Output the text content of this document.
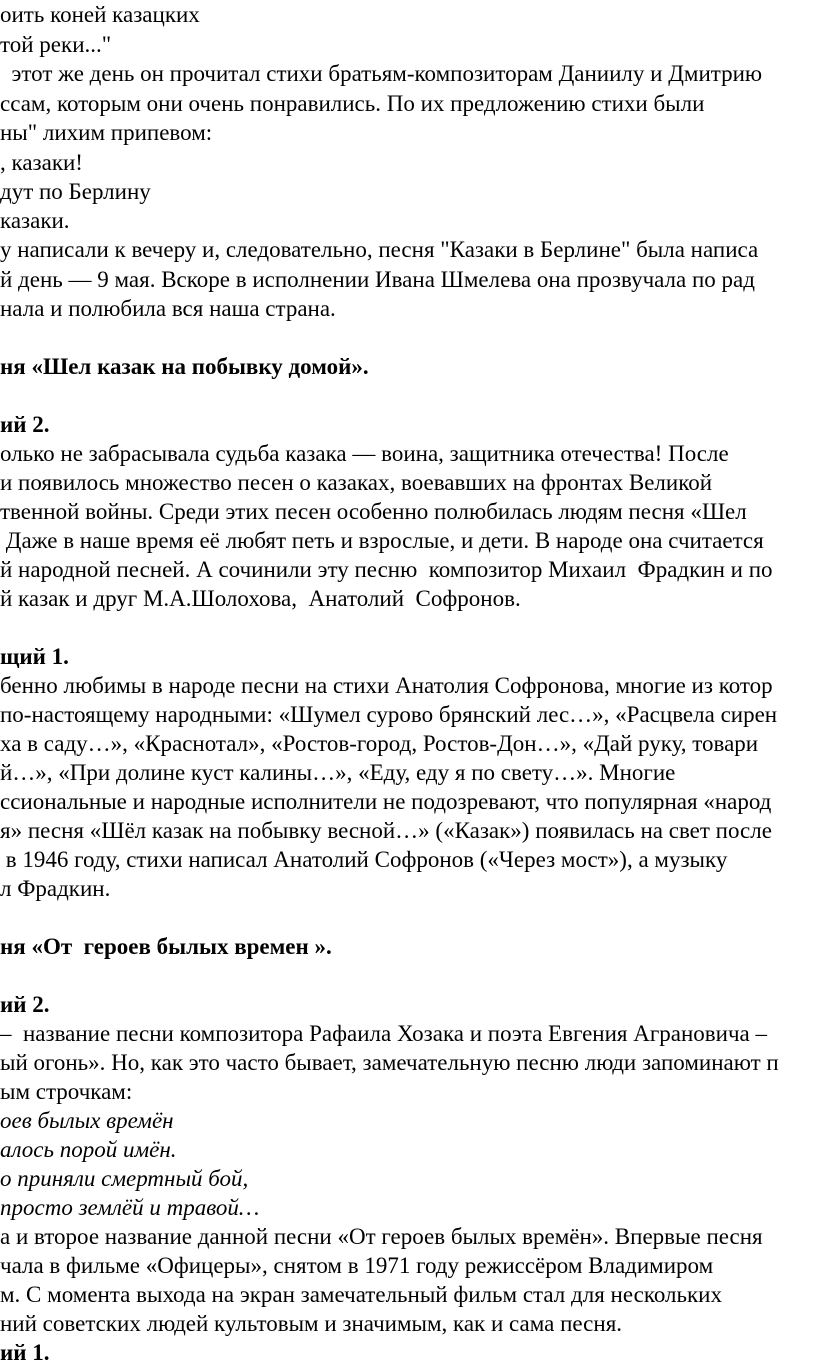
оить коней казацких
той реки..."
этот же день он прочитал стихи братьям-композиторам Даниилу и Дмитрию
ссам, которым они очень понравились. По их предложению стихи были
ны" лихим припевом:
, казаки!
дут по Берлину
казаки.
у написали к вечеру и, следовательно, песня "Казаки в Берлине" была написа
й день — 9 мая. Вскоре в исполнении Ивана Шмелева она прозвучала по рад
нала и полюбила вся наша страна.
ня «Шел казак на побывку домой».
ий 2.
олько не забрасывала судьба казака — воина, защитника отечества! После
и появилось множество песен о казаках, воевавших на фронтах Великой
твенной войны. Среди этих песен особенно полюбилась людям песня «Шел
Даже в наше время её любят петь и взрослые, и дети. В народе она считается
й народной песней. А сочинили эту песню  композитор Михаил  Фрадкин и по
й казак и друг М.А.Шолохова,  Анатолий  Софронов.
щий 1.
бенно любимы в народе песни на стихи Анатолия Софронова, многие из котор
по-настоящему народными: «Шумел сурово брянский лес…», «Расцвела сирен
ха в саду…», «Краснотал», «Ростов-город, Ростов-Дон…», «Дай руку, товари
й…», «При долине куст калины…», «Еду, еду я по свету…». Многие
ссиональные и народные исполнители не подозревают, что популярная «народ
я» песня «Шёл казак на побывку весной…» («Казак») появилась на свет после
в 1946 году, стихи написал Анатолий Софронов («Через мост»), а музыку
л Фрадкин.
ня «От  героев былых времен ».
ий 2.
–  название песни композитора Рафаила Хозака и поэта Евгения Аграновича –
ый огонь». Но, как это часто бывает, замечательную песню люди запоминают п
ым строчкам:
оев былых времён
алось порой имён.
о приняли смертный бой,
просто землёй и травой…
а и второе название данной песни «От героев былых времён». Впервые песня
чала в фильме «Офицеры», снятом в 1971 году режиссёром Владимиром
м. С момента выхода на экран замечательный фильм стал для нескольких
ний советских людей культовым и значимым, как и сама песня.
ий 1.
